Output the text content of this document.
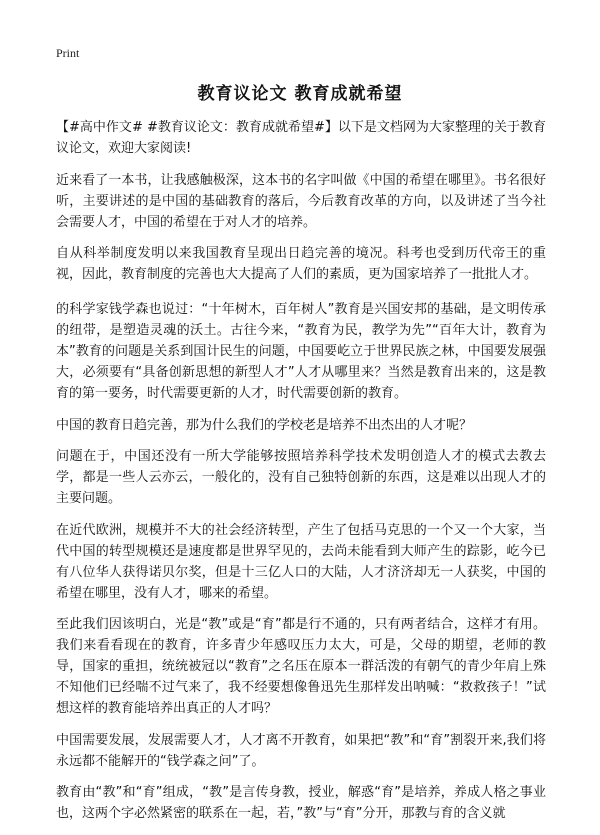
Print
教育议论文 教育成就希望

【#高中作文# #教育议论文：教育成就希望#】以下是文档网为大家整理的关于教育议论文，欢迎大家阅读!

近来看了一本书，让我感触极深，这本书的名字叫做《中国的希望在哪里》。书名很好听，主要讲述的是中国的基础教育的落后，今后教育改革的方向，以及讲述了当今社会需要人才，中国的希望在于对人才的培养。

自从科举制度发明以来我国教育呈现出日趋完善的境况。科考也受到历代帝王的重视，因此，教育制度的完善也大大提高了人们的素质，更为国家培养了一批批人才。

的科学家钱学森也说过：“十年树木，百年树人”教育是兴国安邦的基础，是文明传承的纽带，是塑造灵魂的沃土。古往今来，“教育为民，教学为先”“百年大计，教育为本”教育的问题是关系到国计民生的问题，中国要屹立于世界民族之林，中国要发展强大，必须要有“具备创新思想的新型人才”人才从哪里来？当然是教育出来的，这是教育的第一要务，时代需要更新的人才，时代需要创新的教育。

中国的教育日趋完善，那为什么我们的学校老是培养不出杰出的人才呢？

问题在于，中国还没有一所大学能够按照培养科学技术发明创造人才的模式去教去学，都是一些人云亦云，一般化的，没有自己独特创新的东西，这是难以出现人才的主要问题。

在近代欧洲，规模并不大的社会经济转型，产生了包括马克思的一个又一个大家，当代中国的转型规模还是速度都是世界罕见的，去尚未能看到大师产生的踪影，屹今已有八位华人获得诺贝尔奖，但是十三亿人口的大陆，人才济济却无一人获奖，中国的希望在哪里，没有人才，哪来的希望。

至此我们因该明白，光是“教”或是“育”都是行不通的，只有两者结合，这样才有用。我们来看看现在的教育，许多青少年感叹压力太大，可是，父母的期望，老师的教导，国家的重担，统统被冠以“教育”之名压在原本一群活泼的有朝气的青少年肩上殊不知他们已经喘不过气来了，我不经要想像鲁迅先生那样发出呐喊：“救救孩子！”试想这样的教育能培养出真正的人才吗？

中国需要发展，发展需要人才，人才离不开教育，如果把“教”和“育”割裂开来,我们将永远都不能解开的“钱学森之问”了。

教育由“教”和“育”组成，“教”是言传身教，授业，解惑“育”是培养，养成人格之事业也，这两个字必然紧密的联系在一起，若，”教”与“育”分开，那教与育的含义就
